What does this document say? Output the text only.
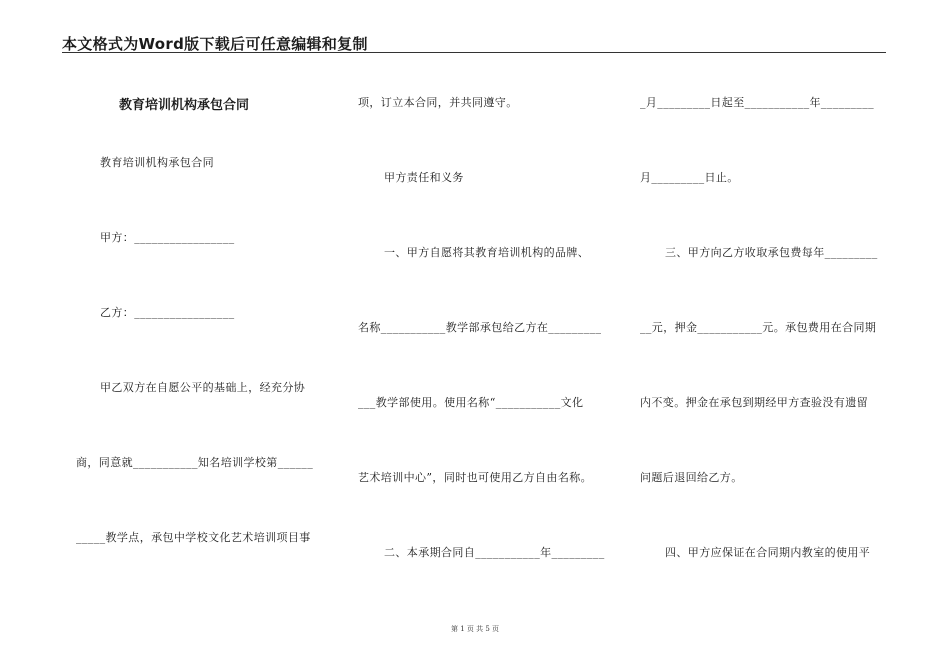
本文格式为Word版下载后可任意编辑和复制
教育培训机构承包合同
教育培训机构承包合同
甲方：_________________
乙方：_________________
甲乙双方在自愿公平的基础上，经充分协
商，同意就___________知名培训学校第______
_____教学点，承包中学校文化艺术培训项目事
项，订立本合同，并共同遵守。
甲方责任和义务
一、甲方自愿将其教育培训机构的品牌、
名称___________教学部承包给乙方在_________
___教学部使用。使用名称“___________文化
艺术培训中心”，同时也可使用乙方自由名称。
二、本承期合同自___________年_________
_月_________日起至___________年_________
月_________日止。
三、甲方向乙方收取承包费每年_________
__元，押金___________元。承包费用在合同期
内不变。押金在承包到期经甲方查验没有遗留
问题后退回给乙方。
四、甲方应保证在合同期内教室的使用平
第 1 页 共 5 页
